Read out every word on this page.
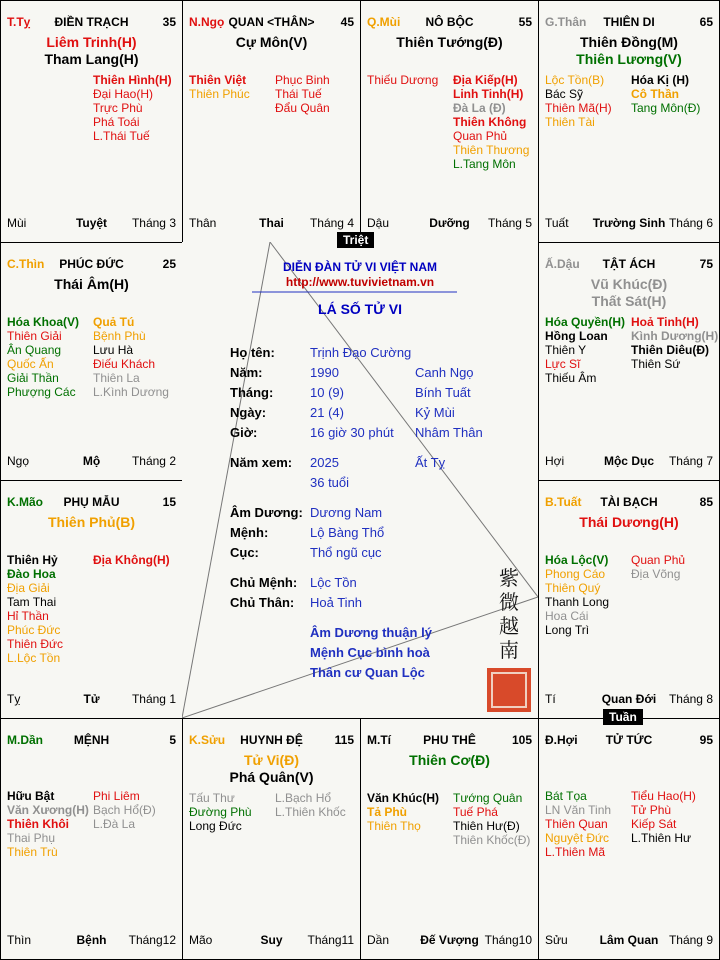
ĐIỀN TRẠCH
T.Tỵ	35
Liêm Trinh(H)
Tham Lang(H)
Thiên Hình(H)
Đại Hao(H)
Trực Phù
Phá Toái
L.Thái Tuế
Tuyệt
Mùi	Tháng 3
QUAN <THÂN>
N.Ngọ	45
Cự Môn(V)
Thiên Việt
Thiên Phúc
Phục Binh
Thái Tuế
Đẩu Quân
Thai
Thân	Tháng 4
NÔ BỘC
Q.Mùi	55
Thiên Tướng(Đ)
Thiếu Dương Địa Kiếp(H)
Linh Tinh(H)
Đà La (Đ)
Thiên Không
Quan Phủ
Thiên Thương
L.Tang Môn
Dưỡng
Dậu	Tháng 5
THIÊN DI
G.Thân	65
Thiên Đồng(M)
Thiên Lương(V)
Lộc Tồn(B)
Bác Sỹ
Thiên Mã(H)
Thiên Tài
Hóa Kị (H)
Cô Thần
Tang Môn(Đ)
Trường Sinh
Tuất	Tháng 6
PHÚC ĐỨC
C.Thìn	25
Thái Âm(H)
Hóa Khoa(V)
Thiên Giải
Ân Quang
Quốc Ấn
Giải Thần
Phượng Các
Quả Tú
Bệnh Phù
Lưu Hà
Điếu Khách
Thiên La
L.Kình Dương
Mộ
Ngọ	Tháng 2
TẬT ÁCH
Ấ.Dậu	75
Vũ Khúc(Đ)
Thất Sát(H)
Hóa Quyền(H)
Hồng Loan
Thiên Y
Lực Sĩ
Thiếu Âm
Hoả Tinh(H)
Kình Dương(H)
Thiên Diêu(Đ)
Thiên Sứ
Mộc Dục
Hợi	Tháng 7
PHỤ MẪU
K.Mão	15
Thiên Phủ(B)
Thiên Hỷ
Đào Hoa
Địa Giải
Tam Thai
Hỉ Thần
Phúc Đức
Thiên Đức
L.Lộc Tồn
Địa Không(H)
Tử
Tỵ	Tháng 1
TÀI BẠCH
B.Tuất	85
Thái Dương(H)
Hóa Lộc(V)
Phong Cáo
Thiên Quý
Thanh Long
Hoa Cái
Long Trì
Quan Phủ
Địa Võng
Quan Đới
Tí	Tháng 8
MỆNH
M.Dần	5
Hữu Bật
Văn Xương(H)
Thiên Khôi
Thai Phụ
Thiên Trù
Phi Liêm
Bạch Hổ(Đ)
L.Đà La
Bệnh
Thìn	Tháng12
HUYNH ĐỆ
K.Sửu	115
Tử Vi(Đ)
Phá Quân(V)
Tấu Thư
Đường Phù
Long Đức
L.Bạch Hổ
L.Thiên Khốc
Suy
Mão	Tháng11
PHU THÊ
M.Tí	105
Thiên Cơ(Đ)
Văn Khúc(H)
Tả Phù
Thiên Thọ
Tướng Quân
Tuế Phá
Thiên Hư(Đ)
Thiên Khốc(Đ)
Đế Vượng
Dần	Tháng10
TỬ TỨC
Đ.Hợi	95
Bát Tọa
LN Văn Tinh
Thiên Quan
Nguyệt Đức
L.Thiên Mã
Tiểu Hao(H)
Tử Phù
Kiếp Sát
L.Thiên Hư
Lâm Quan
Sửu	Tháng 9
DIỄN ĐÀN TỬ VI VIỆT NAM
http://www.tuvivietnam.vn
LÁ SỐ TỬ VI
Họ tên:	Trịnh Đạo Cường
Năm:	1990	Canh Ngọ
Tháng:	10 (9)	Bính Tuất
Ngày:	21 (4)	Kỷ Mùi
Giờ:	16 giờ 30 phút Nhâm Thân
Năm xem: 2025	Ất Tỵ
36 tuổi
Âm Dương: Dương Nam
Mệnh:	Lộ Bàng Thổ
Cục:	Thổ ngũ cục
Chủ Mệnh: Lộc Tồn
Chủ Thân: Hoả Tinh
Âm Dương thuận lý
Mệnh Cục bình hoà
Thân cư Quan Lộc
紫
微
越
南
Triệt
Tuần
